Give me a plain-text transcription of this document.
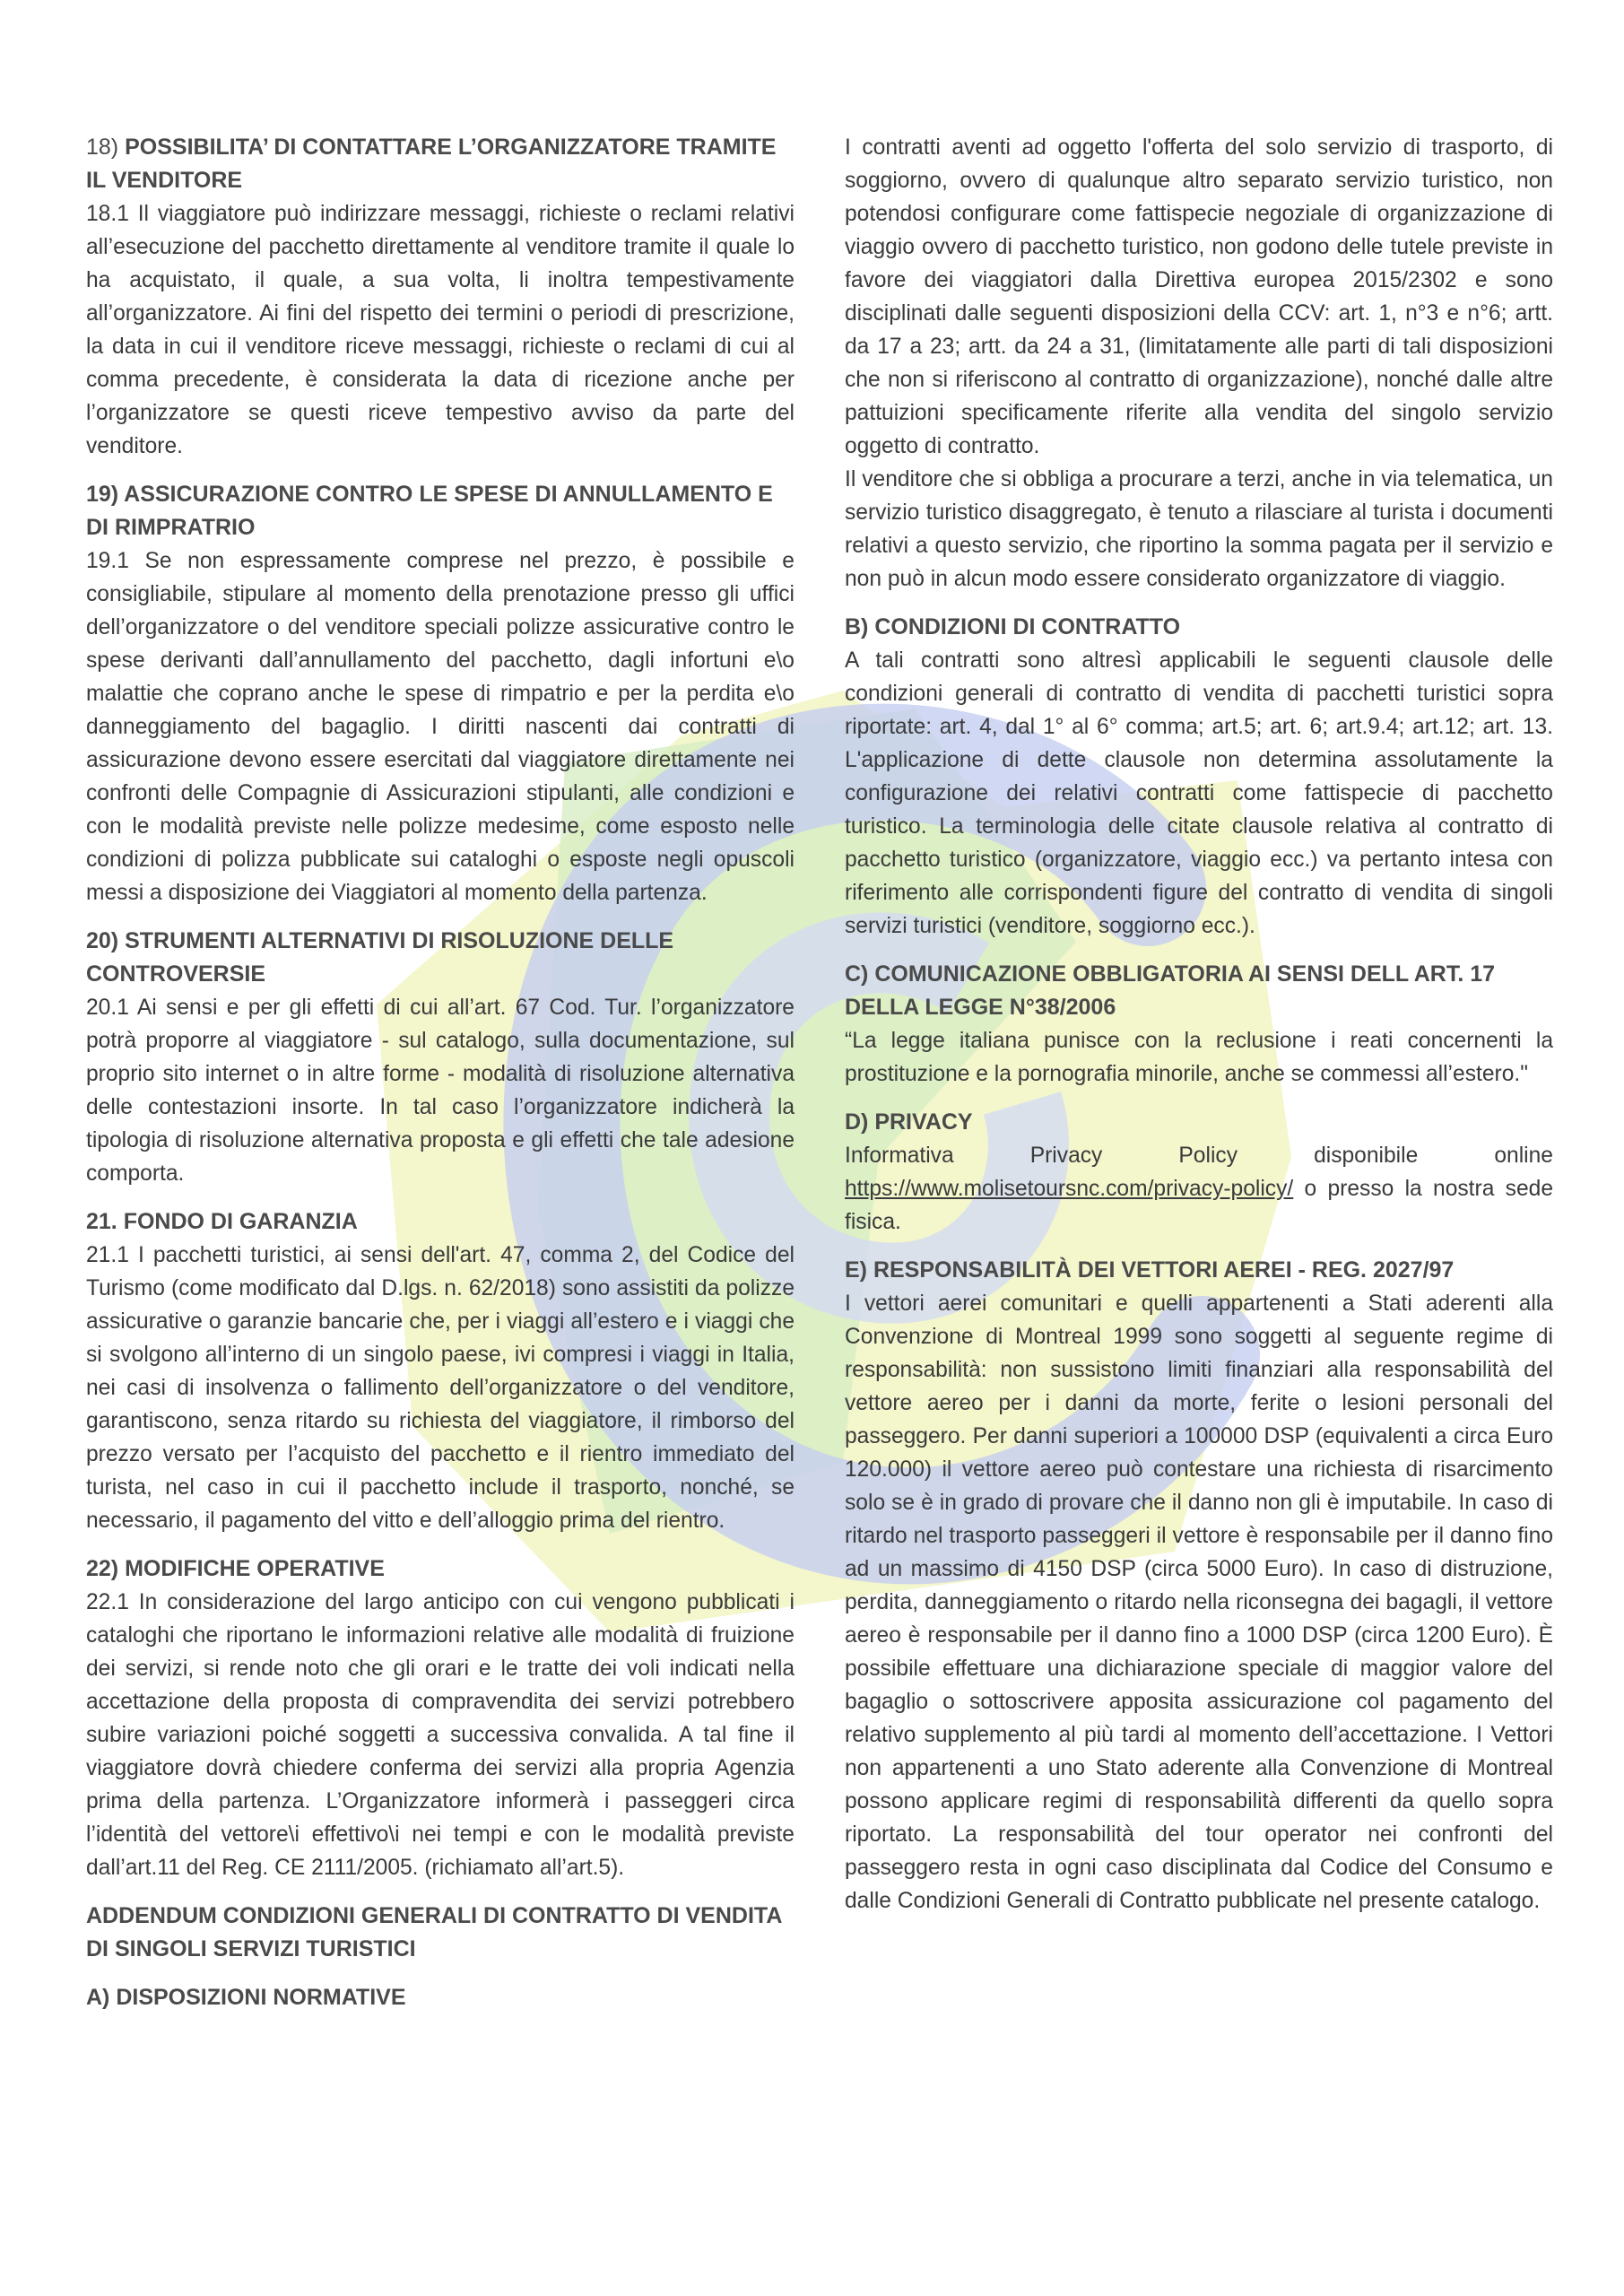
18) POSSIBILITA’ DI CONTATTARE L’ORGANIZZATORE TRAMITE IL VENDITORE

18.1 Il viaggiatore può indirizzare messaggi, richieste o reclami relativi all’esecuzione del pacchetto direttamente al venditore tramite il quale lo ha acquistato, il quale, a sua volta, li inoltra tempestivamente all’organizzatore. Ai fini del rispetto dei termini o periodi di prescrizione, la data in cui il venditore riceve messaggi, richieste o reclami di cui al comma precedente, è considerata la data di ricezione anche per l’organizzatore se questi riceve tempestivo avviso da parte del venditore.

19) ASSICURAZIONE CONTRO LE SPESE DI ANNULLAMENTO E DI RIMPRATRIO

19.1 Se non espressamente comprese nel prezzo, è possibile e consigliabile, stipulare al momento della prenotazione presso gli uffici dell’organizzatore o del venditore speciali polizze assicurative contro le spese derivanti dall’annullamento del pacchetto, dagli infortuni e\o malattie che coprano anche le spese di rimpatrio e per la perdita e\o danneggiamento del bagaglio. I diritti nascenti dai contratti di assicurazione devono essere esercitati dal viaggiatore direttamente nei confronti delle Compagnie di Assicurazioni stipulanti, alle condizioni e con le modalità previste nelle polizze medesime, come esposto nelle condizioni di polizza pubblicate sui cataloghi o esposte negli opuscoli messi a disposizione dei Viaggiatori al momento della partenza.

20) STRUMENTI ALTERNATIVI DI RISOLUZIONE DELLE CONTROVERSIE

20.1 Ai sensi e per gli effetti di cui all’art. 67 Cod. Tur. l’organizzatore potrà proporre al viaggiatore - sul catalogo, sulla documentazione, sul proprio sito internet o in altre forme - modalità di risoluzione alternativa delle contestazioni insorte. In tal caso l’organizzatore indicherà la tipologia di risoluzione alternativa proposta e gli effetti che tale adesione comporta.

21. FONDO DI GARANZIA

21.1 I pacchetti turistici, ai sensi dell'art. 47, comma 2, del Codice del Turismo (come modificato dal D.lgs. n. 62/2018) sono assistiti da polizze assicurative o garanzie bancarie che, per i viaggi all’estero e i viaggi che si svolgono all’interno di un singolo paese, ivi compresi i viaggi in Italia, nei casi di insolvenza o fallimento dell’organizzatore o del venditore, garantiscono, senza ritardo su richiesta del viaggiatore, il rimborso del prezzo versato per l’acquisto del pacchetto e il rientro immediato del turista, nel caso in cui il pacchetto include il trasporto, nonché, se necessario, il pagamento del vitto e dell’alloggio prima del rientro.

22) MODIFICHE OPERATIVE

22.1 In considerazione del largo anticipo con cui vengono pubblicati i cataloghi che riportano le informazioni relative alle modalità di fruizione dei servizi, si rende noto che gli orari e le tratte dei voli indicati nella accettazione della proposta di compravendita dei servizi potrebbero subire variazioni poiché soggetti a successiva convalida. A tal fine il viaggiatore dovrà chiedere conferma dei servizi alla propria Agenzia prima della partenza. L’Organizzatore informerà i passeggeri circa l’identità del vettore\i effettivo\i nei tempi e con le modalità previste dall’art.11 del Reg. CE 2111/2005. (richiamato all’art.5).

ADDENDUM CONDIZIONI GENERALI DI CONTRATTO DI VENDITA DI SINGOLI SERVIZI TURISTICI
A) DISPOSIZIONI NORMATIVE

I contratti aventi ad oggetto l'offerta del solo servizio di trasporto, di soggiorno, ovvero di qualunque altro separato servizio turistico, non potendosi configurare come fattispecie negoziale di organizzazione di viaggio ovvero di pacchetto turistico, non godono delle tutele previste in favore dei viaggiatori dalla Direttiva europea 2015/2302 e sono disciplinati dalle seguenti disposizioni della CCV: art. 1, n°3 e n°6; artt. da 17 a 23; artt. da 24 a 31, (limitatamente alle parti di tali disposizioni che non si riferiscono al contratto di organizzazione), nonché dalle altre pattuizioni specificamente riferite alla vendita del singolo servizio oggetto di contratto.

Il venditore che si obbliga a procurare a terzi, anche in via telematica, un servizio turistico disaggregato, è tenuto a rilasciare al turista i documenti relativi a questo servizio, che riportino la somma pagata per il servizio e non può in alcun modo essere considerato organizzatore di viaggio.

B) CONDIZIONI DI CONTRATTO

A tali contratti sono altresì applicabili le seguenti clausole delle condizioni generali di contratto di vendita di pacchetti turistici sopra riportate: art. 4, dal 1° al 6° comma; art.5; art. 6; art.9.4; art.12; art. 13. L'applicazione di dette clausole non determina assolutamente la configurazione dei relativi contratti come fattispecie di pacchetto turistico. La terminologia delle citate clausole relativa al contratto di pacchetto turistico (organizzatore, viaggio ecc.) va pertanto intesa con riferimento alle corrispondenti figure del contratto di vendita di singoli servizi turistici (venditore, soggiorno ecc.).

C) COMUNICAZIONE OBBLIGATORIA AI SENSI DELL ART. 17 DELLA LEGGE N°38/2006

“La legge italiana punisce con la reclusione i reati concernenti la prostituzione e la pornografia minorile, anche se commessi all’estero."

D) PRIVACY

Informativa Privacy Policy disponibile online https://www.molisetoursnc.com/privacy-policy/ o presso la nostra sede fisica.

E) RESPONSABILITÀ DEI VETTORI AEREI - REG. 2027/97

I vettori aerei comunitari e quelli appartenenti a Stati aderenti alla Convenzione di Montreal 1999 sono soggetti al seguente regime di responsabilità: non sussistono limiti finanziari alla responsabilità del vettore aereo per i danni da morte, ferite o lesioni personali del passeggero. Per danni superiori a 100000 DSP (equivalenti a circa Euro 120.000) il vettore aereo può contestare una richiesta di risarcimento solo se è in grado di provare che il danno non gli è imputabile. In caso di ritardo nel trasporto passeggeri il vettore è responsabile per il danno fino ad un massimo di 4150 DSP (circa 5000 Euro). In caso di distruzione, perdita, danneggiamento o ritardo nella riconsegna dei bagagli, il vettore aereo è responsabile per il danno fino a 1000 DSP (circa 1200 Euro). È possibile effettuare una dichiarazione speciale di maggior valore del bagaglio o sottoscrivere apposita assicurazione col pagamento del relativo supplemento al più tardi al momento dell’accettazione. I Vettori non appartenenti a uno Stato aderente alla Convenzione di Montreal possono applicare regimi di responsabilità differenti da quello sopra riportato. La responsabilità del tour operator nei confronti del passeggero resta in ogni caso disciplinata dal Codice del Consumo e dalle Condizioni Generali di Contratto pubblicate nel presente catalogo.
